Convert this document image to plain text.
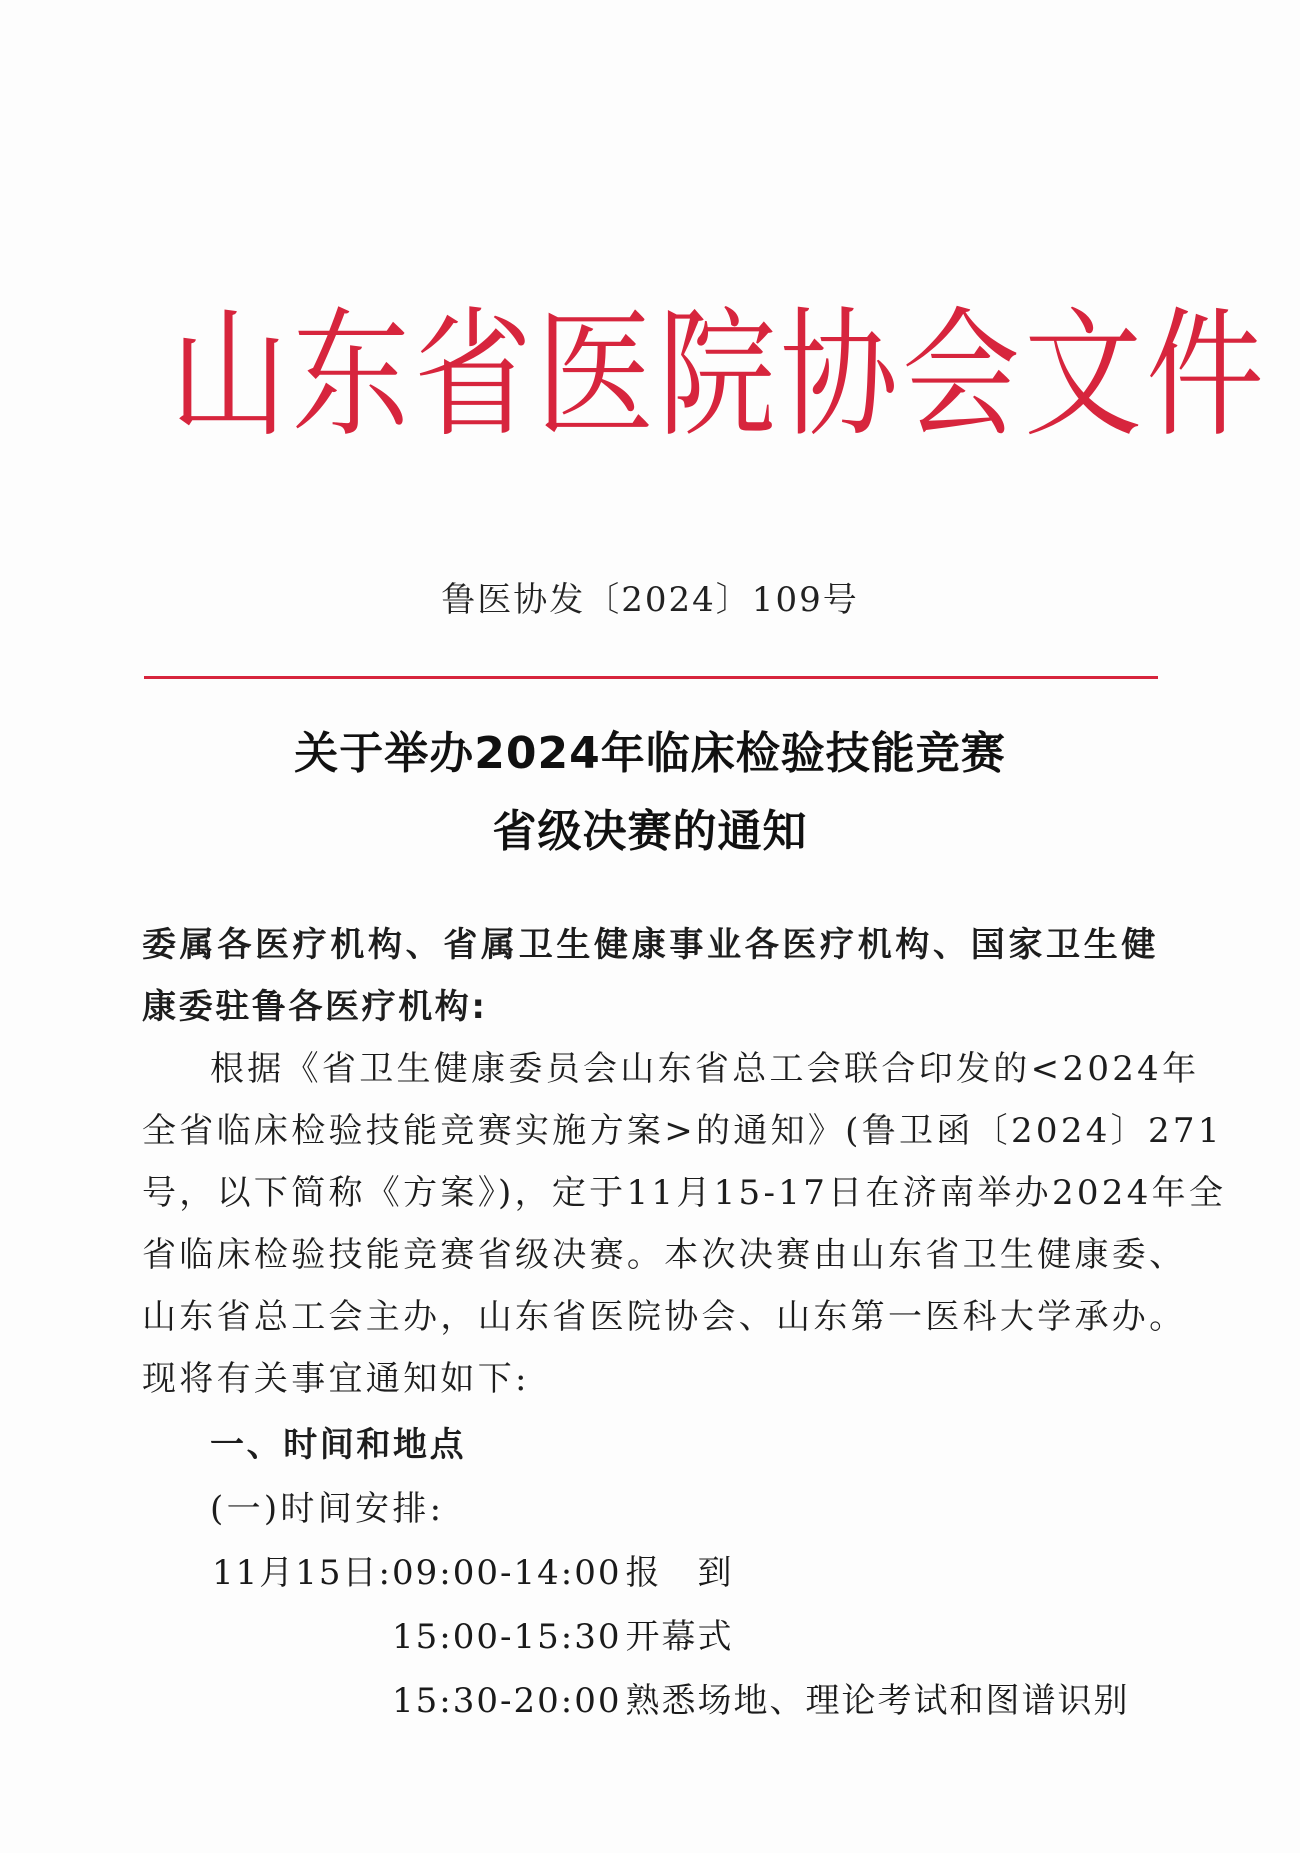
山东省医院协会文件
鲁医协发〔2024〕109号
关于举办2024年临床检验技能竞赛
省级决赛的通知
委属各医疗机构、省属卫生健康事业各医疗机构、国家卫生健
康委驻鲁各医疗机构:
根据《省卫生健康委员会山东省总工会联合印发的<2024年
全省临床检验技能竞赛实施方案>的通知》(鲁卫函〔2024〕271
号，以下简称《方案》)，定于11月15-17日在济南举办2024年全
省临床检验技能竞赛省级决赛。本次决赛由山东省卫生健康委、
山东省总工会主办，山东省医院协会、山东第一医科大学承办。
现将有关事宜通知如下:
一、时间和地点
(一)时间安排:
11月15日: 09:00-14:00 报　到
15:00-15:30 开幕式
15:30-20:00 熟悉场地、理论考试和图谱识别
